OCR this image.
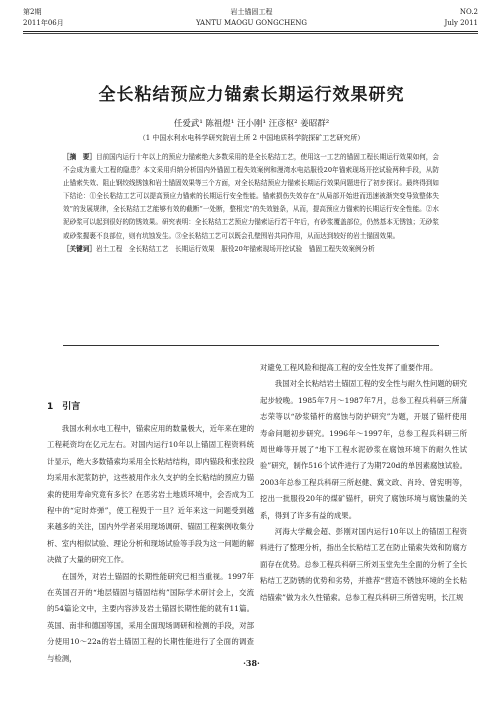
第2期
2011年06月
岩土锚固工程
YANTU MAOGU GONGCHENG
NO.2
July 2011
全长粘结预应力锚索长期运行效果研究
任爱武¹ 陈祖煜¹ 汪小刚¹ 汪彦枢² 姜昭群²
（1 中国水利水电科学研究院岩土所 2 中国地质科学院探矿工艺研究所）
［摘　要］目前国内运行十年以上的预应力锚索绝大多数采用的是全长粘结工艺，使用这一工艺的锚固工程长期运行效果如何，会不会成为重大工程的隐患？本文采用归纳分析国内外锚固工程失效案例和漫湾水电站服役20年锚索现场开挖试验两种手段，从防止锚索失效、阻止钢绞线锈蚀和岩土锚固效果等三个方面，对全长粘结预应力锚索长期运行效果问题进行了初步探讨。最终得到如下结论：①全长粘结工艺可以提高预应力锚索的长期运行安全性能。锚索损伤失效存在“从局部开始进而迅速被渐突变导致整体失效”的发展规律，全长粘结工艺能够有效的截断“一处断，整根完”的失效链条，从而，提高预应力锚索的长期运行安全性能。②水泥砂浆可以起到很好的防锈效果。研究表明：全长粘结工艺预应力锚索运行若干年后，有砂浆覆盖部位，仍然基本无锈蚀；无砂浆或砂浆握裹不良部位，则有坑蚀发生。③全长粘结工艺可以既会孔壁围岩共同作用，从而达到较好的岩土锚固效果。
［关键词］岩土工程　全长粘结工艺　长期运行效果　服役20年锚索现场开挖试验　锚固工程失效案例分析
1　引言

我国水利水电工程中，锚索应用的数量极大，近年来在建的工程耗资均在亿元左右。对国内运行10年以上锚固工程资料统计显示，绝大多数锚索均采用全长粘结结构，即内锚段和张拉段均采用水泥浆防护，这些被用作永久支护的全长粘结的预应力锚索的使用寿命究竟有多长？在恶劣岩土地质环境中，会否成为工程中的“定时炸弹”，使工程毁于一旦？近年来这一问题受到越来越多的关注，国内外学者采用现场调研、锚固工程案例收集分析、室内相似试验、理论分析和现场试验等手段为这一问题的解决做了大量的研究工作。

在国外，对岩土锚固的长期性能研究已相当重视。1997年在英国召开的“地层锚固与锚固结构”国际学术研讨会上，交流的54篇论文中，主要内容涉及岩土锚固长期性能的就有11篇。英国、南非和德国等国，采用全面现场调研和检测的手段，对部分使用10～22a的岩土锚固工程的长期性能进行了全面的调查与检测，

对避免工程风险和提高工程的安全性发挥了重要作用。

我国对全长粘结岩土锚固工程的安全性与耐久性问题的研究起步较晚。1985年7月～1987年7月，总参工程兵科研三所蒲志荣等以“砂浆锚杆的腐蚀与防护研究”为题，开展了锚杆使用寿命问题初步研究。1996年～1997年，总参工程兵科研三所周世峰等开展了“地下工程水泥砂浆在腐蚀环境下的耐久性试验”研究，制作516个试件进行了为期720d的单因素腐蚀试验。2003年总参工程兵科研三所赵健、冀文政、肖玲、曾宪明等，挖出一批服役20年的煤矿锚杆，研究了腐蚀环境与腐蚀量的关系，得到了许多有益的成果。

河海大学戴会超、彭刚对国内运行10年以上的锚固工程资料进行了整理分析，指出全长粘结工艺在防止锚索失效和防腐方面存在优势。总参工程兵科研三所刘玉堂先生全面的分析了全长粘结工艺防锈的优势和劣势，并推荐“营造不锈蚀环境的全长粘结锚索”做为永久性锚索。总参工程兵科研三所曾宪明，长江规

·38·
